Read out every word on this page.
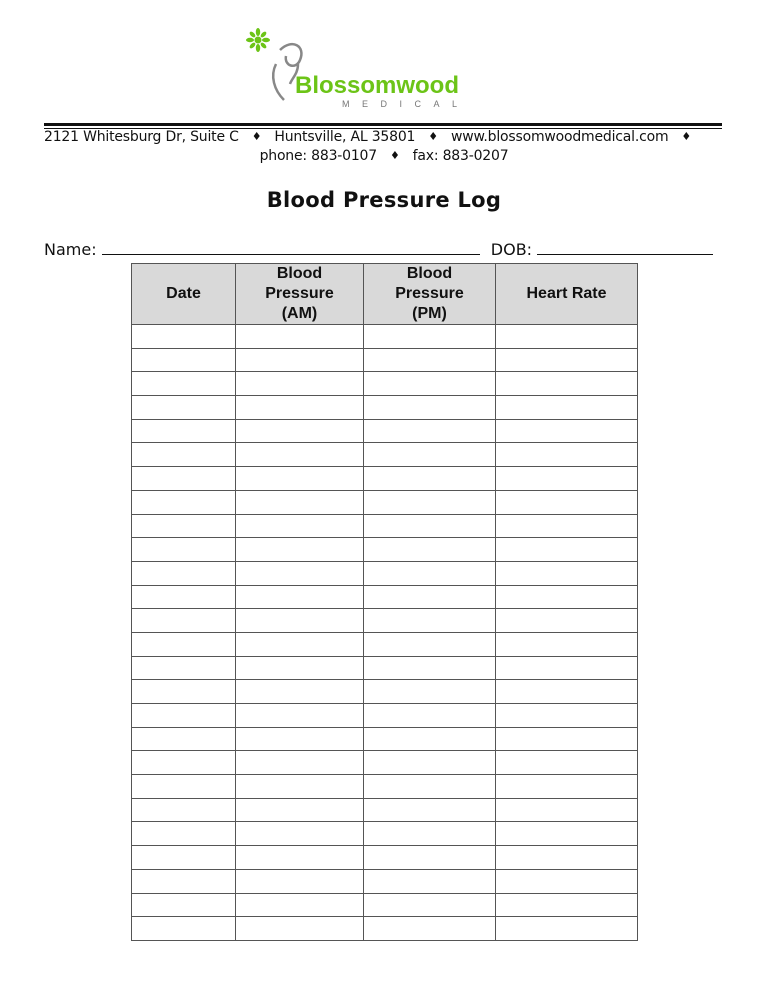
Blossomwood
MEDICAL
2121 Whitesburg Dr, Suite C ♦ Huntsville, AL 35801 ♦ www.blossomwoodmedical.com ♦
phone: 883-0107 ♦ fax: 883-0207
Blood Pressure Log
Name:	DOB:
Date	Blood Pressure (AM)	Blood Pressure (PM)	Heart Rate
